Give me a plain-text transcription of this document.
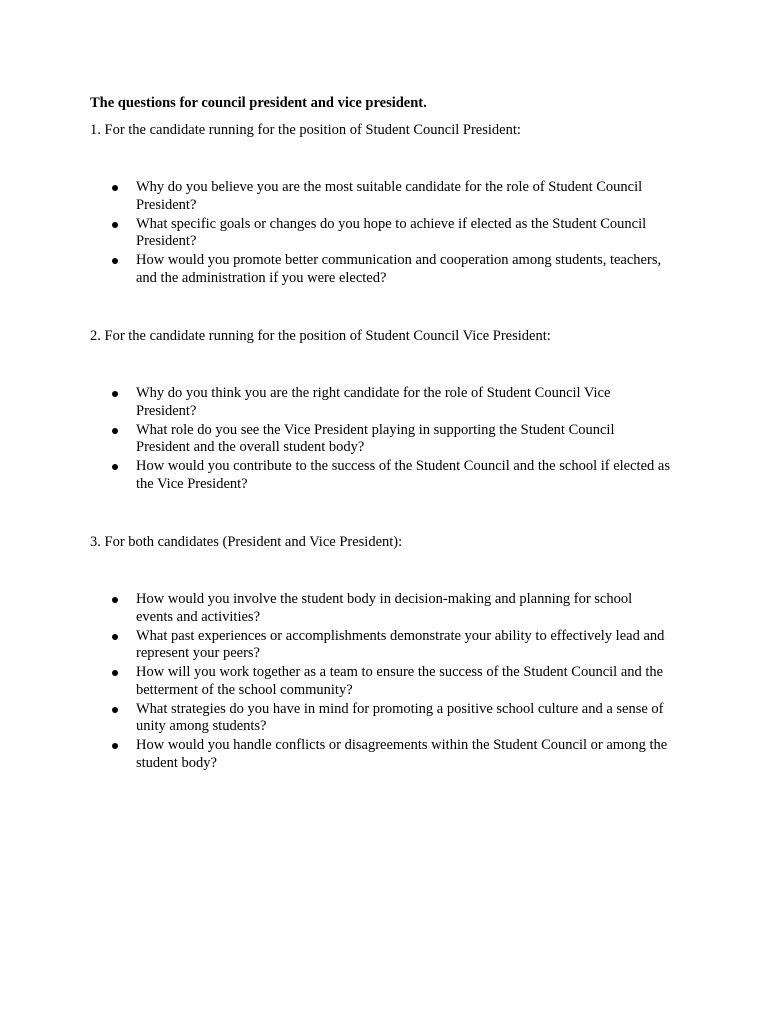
The questions for council president and vice president.
1. For the candidate running for the position of Student Council President:
Why do you believe you are the most suitable candidate for the role of Student Council President?
What specific goals or changes do you hope to achieve if elected as the Student Council President?
How would you promote better communication and cooperation among students, teachers, and the administration if you were elected?
2. For the candidate running for the position of Student Council Vice President:
Why do you think you are the right candidate for the role of Student Council Vice President?
What role do you see the Vice President playing in supporting the Student Council President and the overall student body?
How would you contribute to the success of the Student Council and the school if elected as the Vice President?
3. For both candidates (President and Vice President):
How would you involve the student body in decision-making and planning for school events and activities?
What past experiences or accomplishments demonstrate your ability to effectively lead and represent your peers?
How will you work together as a team to ensure the success of the Student Council and the betterment of the school community?
What strategies do you have in mind for promoting a positive school culture and a sense of unity among students?
How would you handle conflicts or disagreements within the Student Council or among the student body?
